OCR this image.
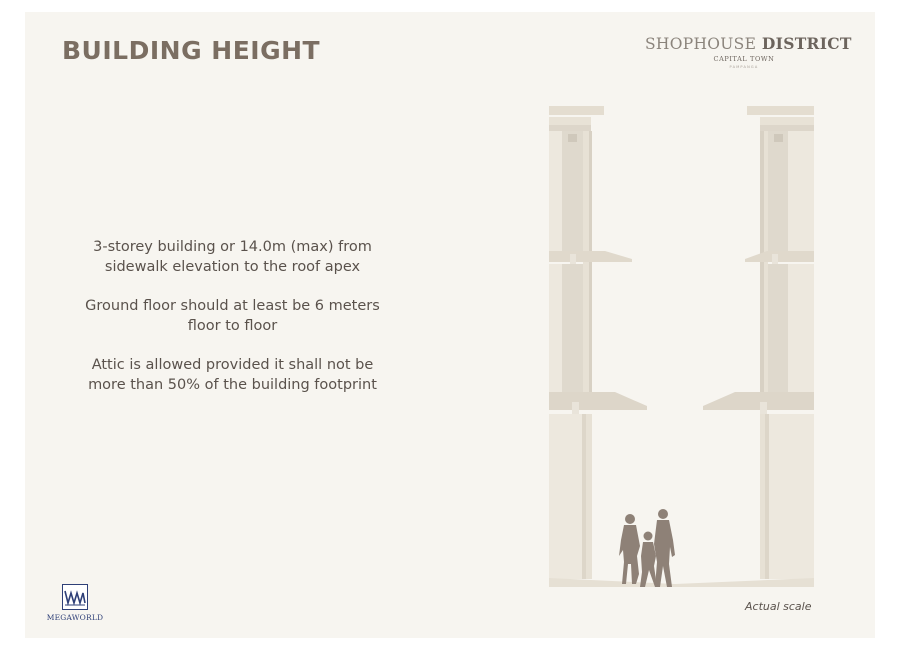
BUILDING HEIGHT	SHOPHOUSE DISTRICT
CAPITAL TOWN
PAMPANGA

3-storey building or 14.0m (max) from sidewalk elevation to the roof apex

Ground floor should at least be 6 meters floor to floor

Attic is allowed provided it shall not be more than 50% of the building footprint

Actual scale
MEGAWORLD
